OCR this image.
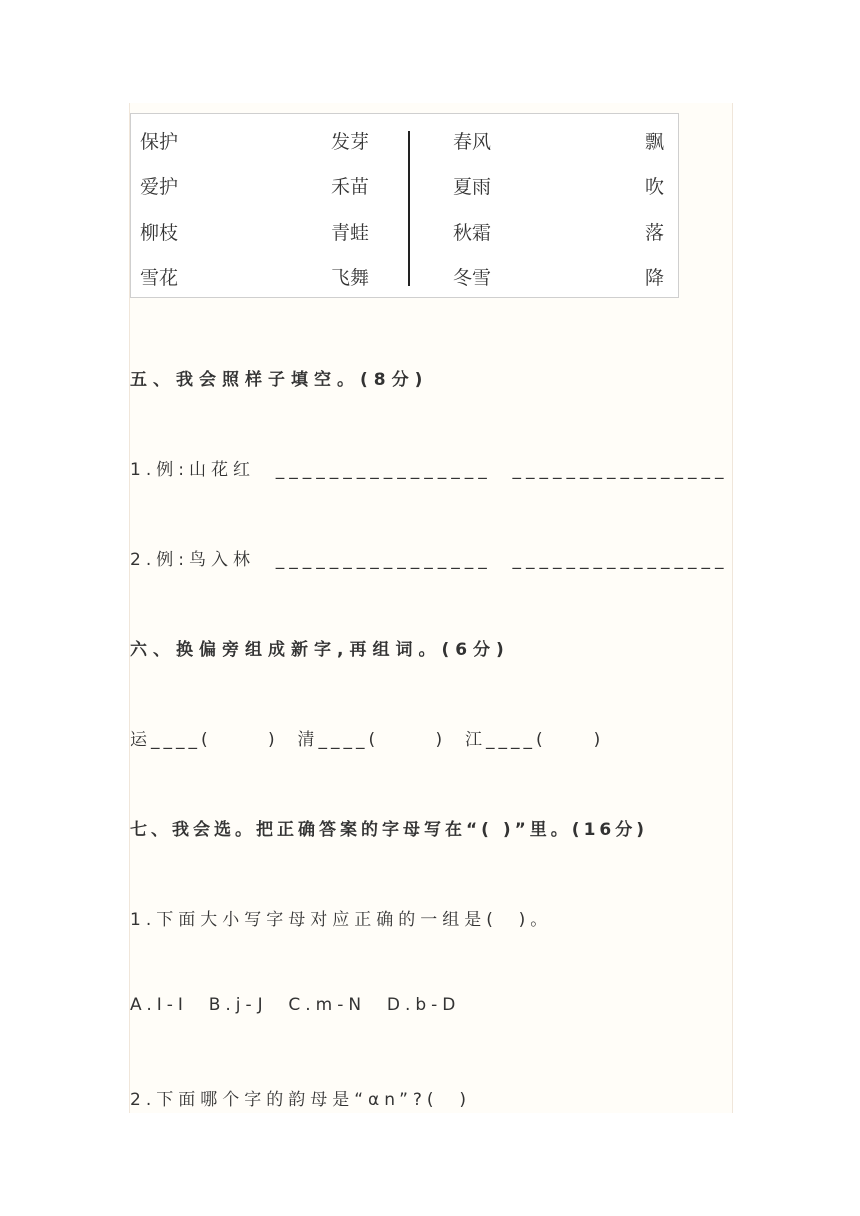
保护
爱护
柳枝
雪花
发芽
禾苗
青蛙
飞舞
春风
夏雨
秋霜
冬雪
飘
吹
落
降
五、我会照样子填空。(8分)
1.例:山花红  ________________  ________________
2.例:鸟入林  ________________  ________________
六、换偏旁组成新字,再组词。(6分)
运____(      )  清____(      )  江____(     )
七、我会选。把正确答案的字母写在“( )”里。(16分)
1.下面大小写字母对应正确的一组是(  )。
A.I-I  B.j-J  C.m-N  D.b-D
2.下面哪个字的韵母是“αn”?(  )
